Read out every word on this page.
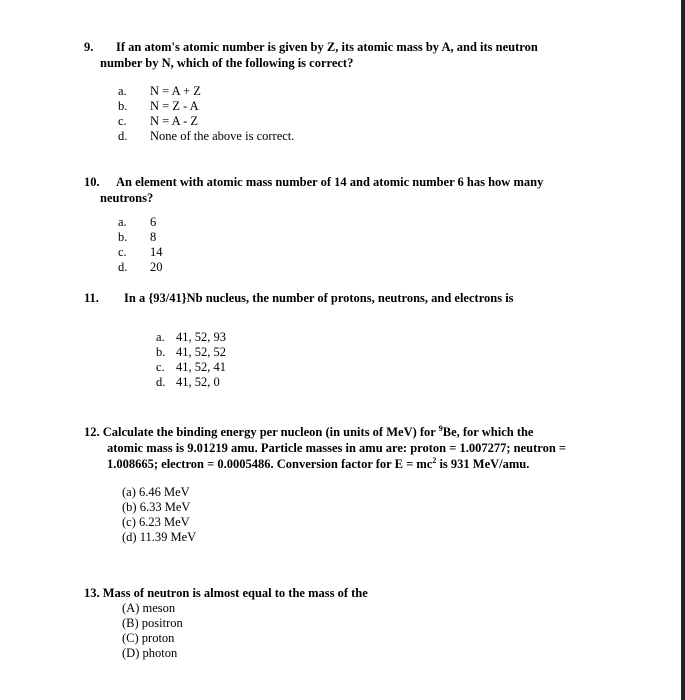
9. If an atom's atomic number is given by Z, its atomic mass by A, and its neutron
number by N, which of the following is correct?
a. N = A + Z
b. N = Z - A
c. N = A - Z
d. None of the above is correct.
10. An element with atomic mass number of 14 and atomic number 6 has how many
neutrons?
a. 6
b. 8
c. 14
d. 20
11. In a {93/41}Nb nucleus, the number of protons, neutrons, and electrons is
a. 41, 52, 93
b. 41, 52, 52
c. 41, 52, 41
d. 41, 52, 0
12. Calculate the binding energy per nucleon (in units of MeV) for $^9$Be, for which the
atomic mass is 9.01219 amu. Particle masses in amu are: proton = 1.007277; neutron =
1.008665; electron = 0.0005486. Conversion factor for $E = mc^2$ is 931 MeV/amu.
(a) 6.46 MeV
(b) 6.33 MeV
(c) 6.23 MeV
(d) 11.39 MeV
13. Mass of neutron is almost equal to the mass of the
(A) meson
(B) positron
(C) proton
(D) photon
